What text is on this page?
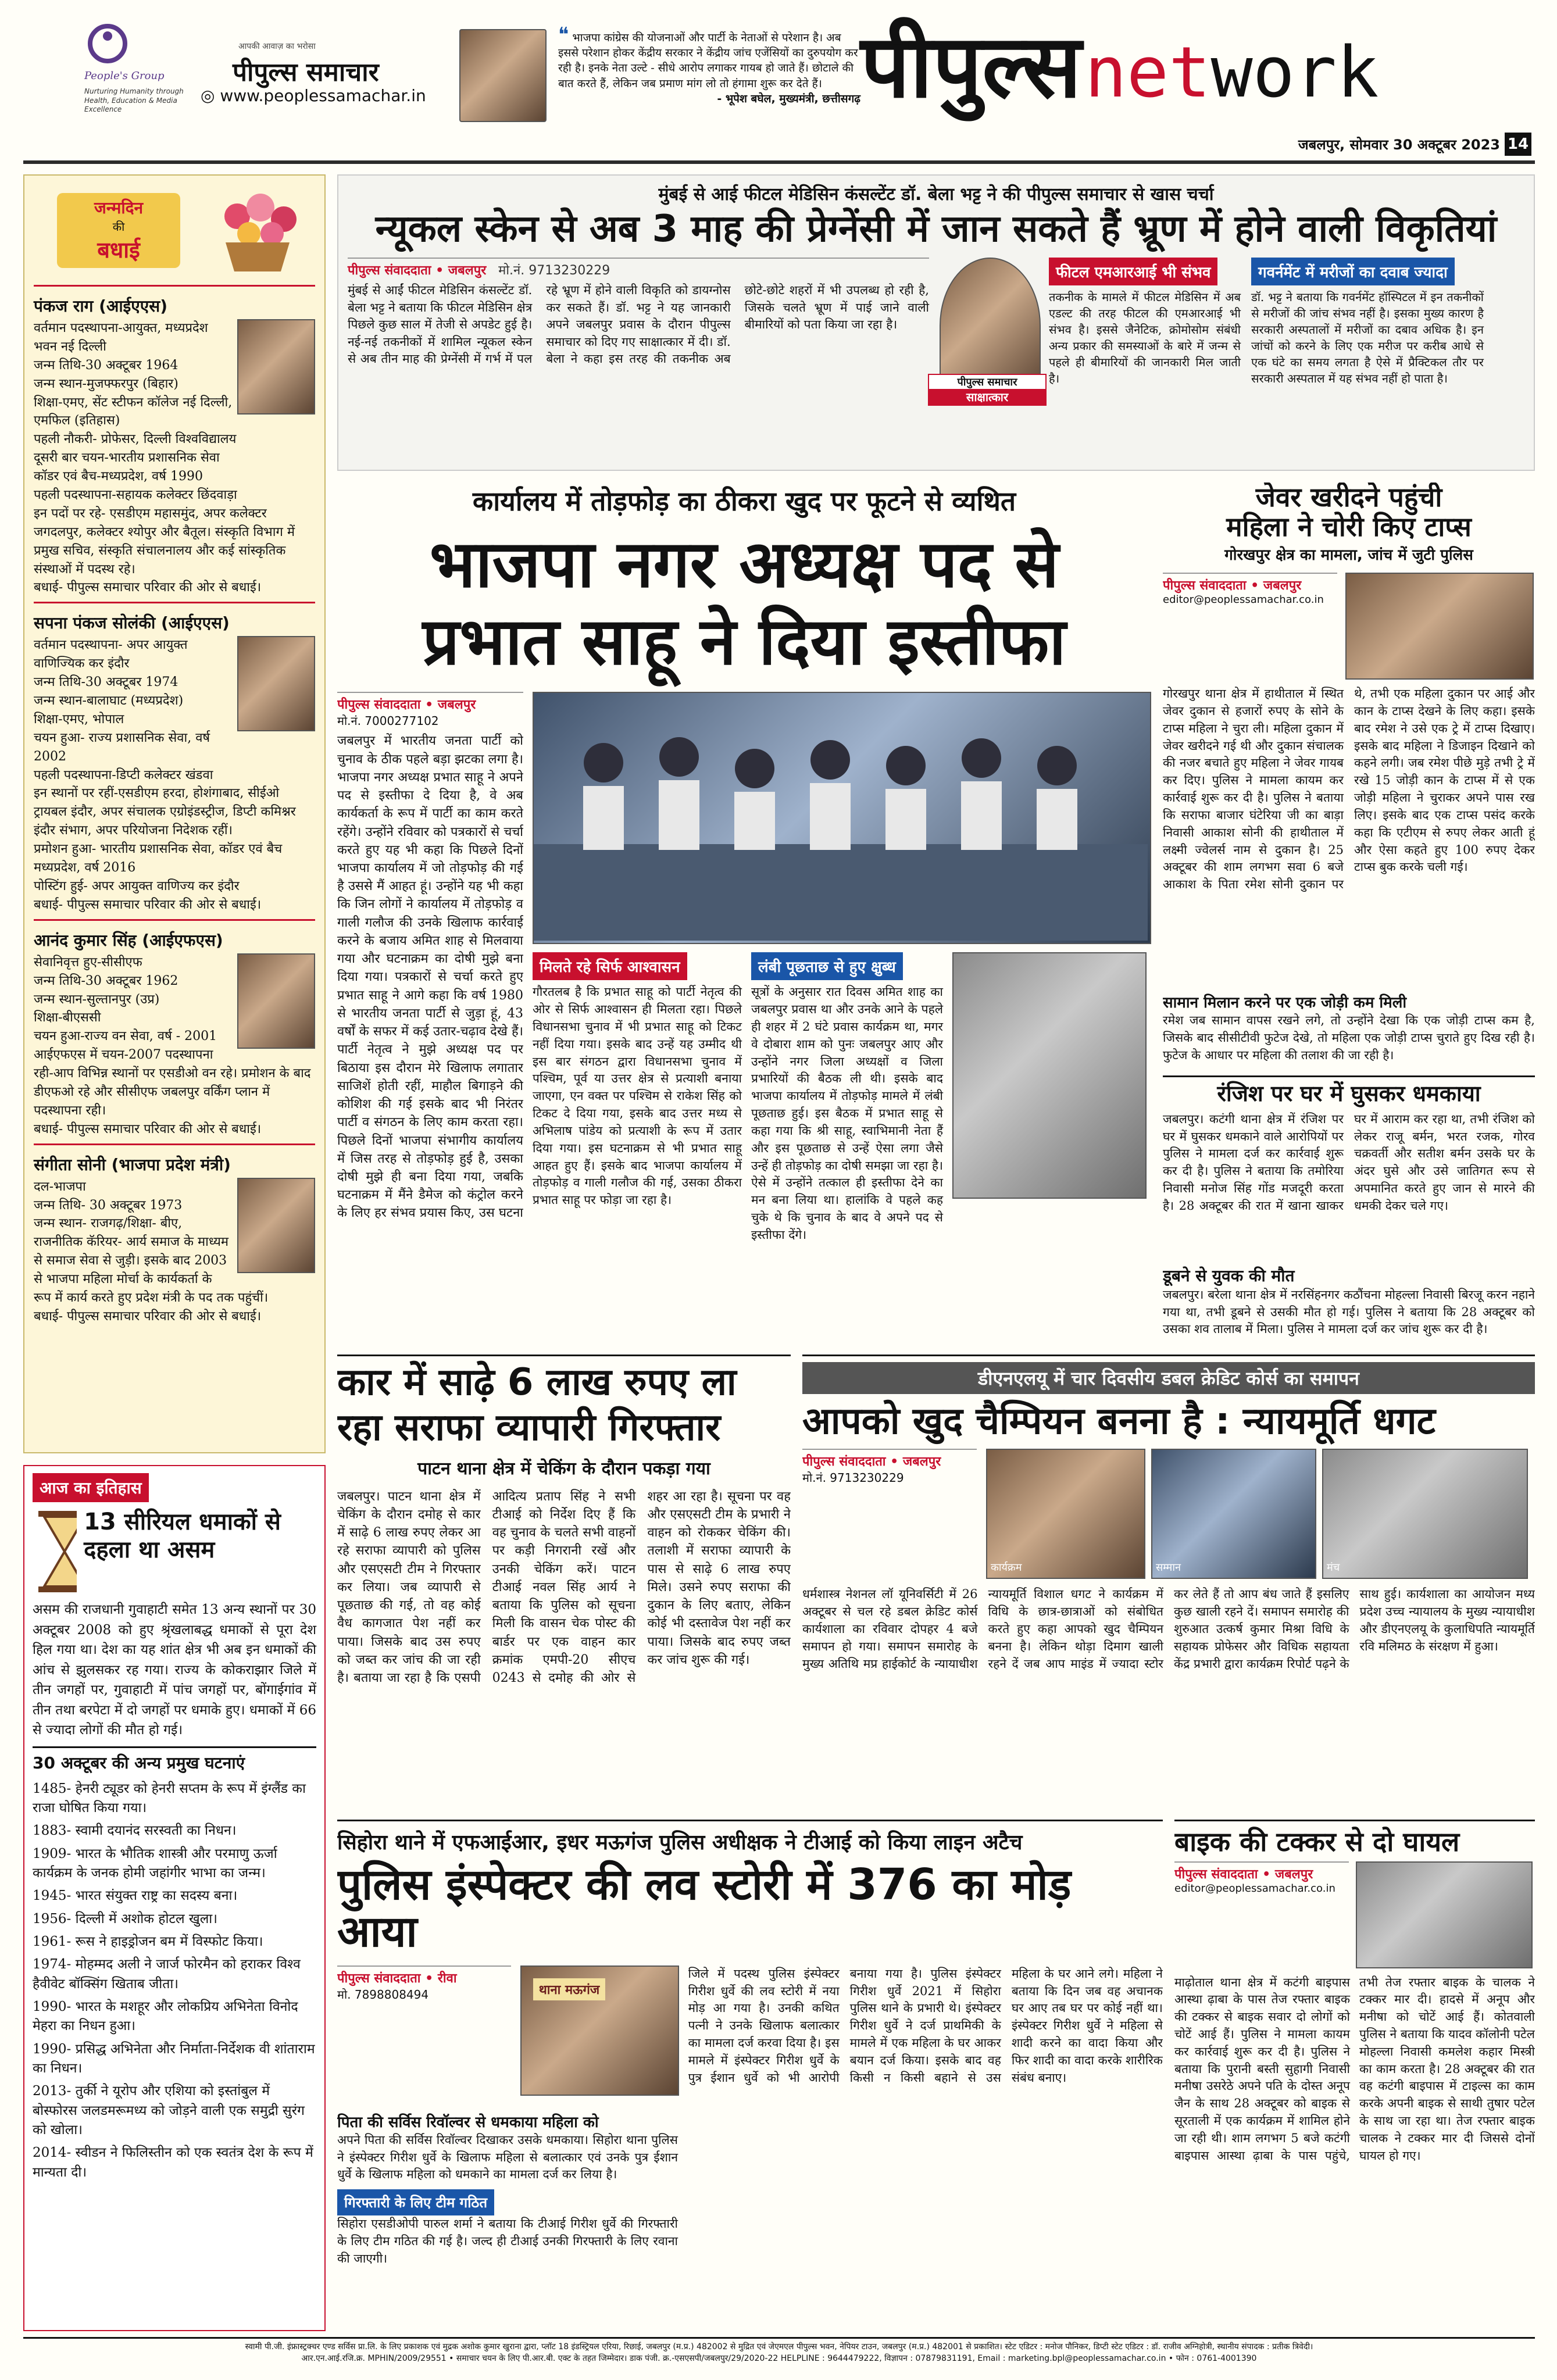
People's Group
Nurturing Humanity through Health, Education & Media Excellence
आपकी आवाज़ का भरोसा
पीपुल्स समाचार
◎ www.peoplessamachar.in
❝ भाजपा कांग्रेस की योजनाओं और पार्टी के नेताओं से परेशान है। अब इससे परेशान होकर केंद्रीय सरकार ने केंद्रीय जांच एजेंसियों का दुरुपयोग कर रही है। इनके नेता उल्टे - सीधे आरोप लगाकर गायब हो जाते हैं। छोटाले की बात करते हैं, लेकिन जब प्रमाण मांग लो तो हंगामा शुरू कर देते हैं।
- भूपेश बघेल, मुख्यमंत्री, छत्तीसगढ़ पीपुल्स network
जबलपुर, सोमवार 30 अक्टूबर 2023 14
जन्मदिन
की
बधाई
पंकज राग (आईएएस)
वर्तमान पदस्थापना-आयुक्त, मध्यप्रदेश भवन नई दिल्ली
जन्म तिथि-30 अक्टूबर 1964
जन्म स्थान-मुजफ्फरपुर (बिहार)
शिक्षा-एमए, सेंट स्टीफन कॉलेज नई दिल्ली, एमफिल (इतिहास)
पहली नौकरी- प्रोफेसर, दिल्ली विश्वविद्यालय
दूसरी बार चयन-भारतीय प्रशासनिक सेवा
कॉडर एवं बैच-मध्यप्रदेश, वर्ष 1990
पहली पदस्थापना-सहायक कलेक्टर छिंदवाड़ा
इन पदों पर रहे- एसडीएम महासमुंद, अपर कलेक्टर जगदलपुर, कलेक्टर श्योपुर और बैतूल। संस्कृति विभाग में प्रमुख सचिव, संस्कृति संचालनालय और कई सांस्कृतिक संस्थाओं में पदस्थ रहे।
बधाई- पीपुल्स समाचार परिवार की ओर से बधाई।
सपना पंकज सोलंकी (आईएएस)
वर्तमान पदस्थापना- अपर आयुक्त वाणिज्यिक कर इंदौर
जन्म तिथि-30 अक्टूबर 1974
जन्म स्थान-बालाघाट (मध्यप्रदेश)
शिक्षा-एमए, भोपाल
चयन हुआ- राज्य प्रशासनिक सेवा, वर्ष 2002
पहली पदस्थापना-डिप्टी कलेक्टर खंडवा
इन स्थानों पर रहीं-एसडीएम हरदा, होशंगाबाद, सीईओ ट्रायबल इंदौर, अपर संचालक एग्रोइंडस्ट्रीज, डिप्टी कमिश्नर इंदौर संभाग, अपर परियोजना निदेशक रहीं।
प्रमोशन हुआ- भारतीय प्रशासनिक सेवा, कॉडर एवं बैच मध्यप्रदेश, वर्ष 2016
पोस्टिंग हुई- अपर आयुक्त वाणिज्य कर इंदौर
बधाई- पीपुल्स समाचार परिवार की ओर से बधाई।
आनंद कुमार सिंह (आईएफएस)
सेवानिवृत्त हुए-सीसीएफ
जन्म तिथि-30 अक्टूबर 1962
जन्म स्थान-सुल्तानपुर (उप्र)
शिक्षा-बीएससी
चयन हुआ-राज्य वन सेवा, वर्ष - 2001
आईएफएस में चयन-2007 पदस्थापना रही-आप विभिन्न स्थानों पर एसडीओ वन रहे। प्रमोशन के बाद डीएफओ रहे और सीसीएफ जबलपुर वर्किंग प्लान में पदस्थापना रही।
बधाई- पीपुल्स समाचार परिवार की ओर से बधाई।
संगीता सोनी (भाजपा प्रदेश मंत्री)
दल-भाजपा
जन्म तिथि- 30 अक्टूबर 1973
जन्म स्थान- राजगढ़/शिक्षा- बीए,
राजनीतिक कॅरियर- आर्य समाज के माध्यम से समाज सेवा से जुड़ी। इसके बाद 2003 से भाजपा महिला मोर्चा के कार्यकर्ता के रूप में कार्य करते हुए प्रदेश मंत्री के पद तक पहुंचीं।
बधाई- पीपुल्स समाचार परिवार की ओर से बधाई।
आज का इतिहास
13 सीरियल धमाकों से दहला था असम
असम की राजधानी गुवाहाटी समेत 13 अन्य स्थानों पर 30 अक्टूबर 2008 को हुए श्रृंखलाबद्ध धमाकों से पूरा देश हिल गया था। देश का यह शांत क्षेत्र भी अब इन धमाकों की आंच से झुलसकर रह गया। राज्य के कोकराझार जिले में तीन जगहों पर, गुवाहाटी में पांच जगहों पर, बोंगाईगांव में तीन तथा बरपेटा में दो जगहों पर धमाके हुए। धमाकों में 66 से ज्यादा लोगों की मौत हो गई।
30 अक्टूबर की अन्य प्रमुख घटनाएं
1485- हेनरी ट्यूडर को हेनरी सप्तम के रूप में इंग्लैंड का राजा घोषित किया गया।
1883- स्वामी दयानंद सरस्वती का निधन।
1909- भारत के भौतिक शास्त्री और परमाणु ऊर्जा कार्यक्रम के जनक होमी जहांगीर भाभा का जन्म।
1945- भारत संयुक्त राष्ट्र का सदस्य बना।
1956- दिल्ली में अशोक होटल खुला।
1961- रूस ने हाइड्रोजन बम में विस्फोट किया।
1974- मोहम्मद अली ने जार्ज फोरमैन को हराकर विश्व हैवीवेट बॉक्सिंग खिताब जीता।
1990- भारत के मशहूर और लोकप्रिय अभिनेता विनोद मेहरा का निधन हुआ।
1990- प्रसिद्ध अभिनेता और निर्माता-निर्देशक वी शांताराम का निधन।
2013- तुर्की ने यूरोप और एशिया को इस्तांबुल में बोस्फोरस जलडमरूमध्य को जोड़ने वाली एक समुद्री सुरंग को खोला।
2014- स्वीडन ने फिलिस्तीन को एक स्वतंत्र देश के रूप में मान्यता दी।
मुंबई से आई फीटल मेडिसिन कंसल्टेंट डॉ. बेला भट्ट ने की पीपुल्स समाचार से खास चर्चा
न्यूकल स्केन से अब 3 माह की प्रेग्नेंसी में जान सकते हैं भ्रूण में होने वाली विकृतियां
पीपुल्स संवाददाता • जबलपुर मो.नं. 9713230229
मुंबई से आईं फीटल मेडिसिन कंसल्टेंट डॉ. बेला भट्ट ने बताया कि फीटल मेडिसिन क्षेत्र पिछले कुछ साल में तेजी से अपडेट हुई है। नई-नई तकनीकों में शामिल न्यूकल स्केन से अब तीन माह की प्रेग्नेंसी में गर्भ में पल रहे भ्रूण में होने वाली विकृति को डायग्नोस कर सकते हैं। डॉ. भट्ट ने यह जानकारी अपने जबलपुर प्रवास के दौरान पीपुल्स समाचार को दिए गए साक्षात्कार में दी। डॉ. बेला ने कहा इस तरह की तकनीक अब छोटे-छोटे शहरों में भी उपलब्ध हो रही है, जिसके चलते भ्रूण में पाई जाने वाली बीमारियों को पता किया जा रहा है।
पीपुल्स समाचार
साक्षात्कार
फीटल एमआरआई भी संभव
तकनीक के मामले में फीटल मेडिसिन में अब एडल्ट की तरह फीटल की एमआरआई भी संभव है। इससे जैनेटिक, क्रोमोसोम संबंधी अन्य प्रकार की समस्याओं के बारे में जन्म से पहले ही बीमारियों की जानकारी मिल जाती है।
गवर्नमेंट में मरीजों का दवाब ज्यादा
डॉ. भट्ट ने बताया कि गवर्नमेंट हॉस्पिटल में इन तकनीकों से मरीजों की जांच संभव नहीं है। इसका मुख्य कारण है सरकारी अस्पतालों में मरीजों का दबाव अधिक है। इन जांचों को करने के लिए एक मरीज पर करीब आधे से एक घंटे का समय लगता है ऐसे में प्रैक्टिकल तौर पर सरकारी अस्पताल में यह संभव नहीं हो पाता है।
कार्यालय में तोड़फोड़ का ठीकरा खुद पर फूटने से व्यथित
भाजपा नगर अध्यक्ष पद से
प्रभात साहू ने दिया इस्तीफा
पीपुल्स संवाददाता • जबलपुर
मो.नं. 7000277102
जबलपुर में भारतीय जनता पार्टी को चुनाव के ठीक पहले बड़ा झटका लगा है। भाजपा नगर अध्यक्ष प्रभात साहू ने अपने पद से इस्तीफा दे दिया है, वे अब कार्यकर्ता के रूप में पार्टी का काम करते रहेंगे। उन्होंने रविवार को पत्रकारों से चर्चा करते हुए यह भी कहा कि पिछले दिनों भाजपा कार्यालय में जो तोड़फोड़ की गई है उससे मैं आहत हूं। उन्होंने यह भी कहा कि जिन लोगों ने कार्यालय में तोड़फोड़ व गाली गलौज की उनके खिलाफ कार्रवाई करने के बजाय अमित शाह से मिलवाया गया और घटनाक्रम का दोषी मुझे बना दिया गया। पत्रकारों से चर्चा करते हुए प्रभात साहू ने आगे कहा कि वर्ष 1980 से भारतीय जनता पार्टी से जुड़ा हूं, 43 वर्षों के सफर में कई उतार-चढ़ाव देखे हैं। पार्टी नेतृत्व ने मुझे अध्यक्ष पद पर बिठाया इस दौरान मेरे खिलाफ लगातार साजिशें होती रहीं, माहौल बिगाड़ने की कोशिश की गई इसके बाद भी निरंतर पार्टी व संगठन के लिए काम करता रहा। पिछले दिनों भाजपा संभागीय कार्यालय में जिस तरह से तोड़फोड़ हुई है, उसका दोषी मुझे ही बना दिया गया, जबकि घटनाक्रम में मैंने डैमेज को कंट्रोल करने के लिए हर संभव प्रयास किए, उस घटना
मिलते रहे सिर्फ आश्वासन
गौरतलब है कि प्रभात साहू को पार्टी नेतृत्व की ओर से सिर्फ आश्वासन ही मिलता रहा। पिछले विधानसभा चुनाव में भी प्रभात साहू को टिकट नहीं दिया गया। इसके बाद उन्हें यह उम्मीद थी इस बार संगठन द्वारा विधानसभा चुनाव में पश्चिम, पूर्व या उत्तर क्षेत्र से प्रत्याशी बनाया जाएगा, एन वक्त पर पश्चिम से राकेश सिंह को टिकट दे दिया गया, इसके बाद उत्तर मध्य से अभिलाष पांडेय को प्रत्याशी के रूप में उतार दिया गया। इस घटनाक्रम से भी प्रभात साहू आहत हुए हैं। इसके बाद भाजपा कार्यालय में तोड़फोड़ व गाली गलौज की गई, उसका ठीकरा प्रभात साहू पर फोड़ा जा रहा है।
लंबी पूछताछ से हुए क्षुब्ध
सूत्रों के अनुसार रात दिवस अमित शाह का जबलपुर प्रवास था और उनके आने के पहले ही शहर में 2 घंटे प्रवास कार्यक्रम था, मगर वे दोबारा शाम को पुनः जबलपुर आए और उन्होंने नगर जिला अध्यक्षों व जिला प्रभारियों की बैठक ली थी। इसके बाद भाजपा कार्यालय में तोड़फोड़ मामले में लंबी पूछताछ हुई। इस बैठक में प्रभात साहू से कहा गया कि श्री साहू, स्वाभिमानी नेता हैं और इस पूछताछ से उन्हें ऐसा लगा जैसे उन्हें ही तोड़फोड़ का दोषी समझा जा रहा है। ऐसे में उन्होंने तत्काल ही इस्तीफा देने का मन बना लिया था। हालांकि वे पहले कह चुके थे कि चुनाव के बाद वे अपने पद से इस्तीफा देंगे।
जेवर खरीदने पहुंची
महिला ने चोरी किए टाप्स
गोरखपुर क्षेत्र का मामला, जांच में जुटी पुलिस
पीपुल्स संवाददाता • जबलपुर
editor@peoplessamachar.co.in
गोरखपुर थाना क्षेत्र में हाथीताल में स्थित जेवर दुकान से हजारों रुपए के सोने के टाप्स महिला ने चुरा ली। महिला दुकान में जेवर खरीदने गई थी और दुकान संचालक की नजर बचाते हुए महिला ने जेवर गायब कर दिए। पुलिस ने मामला कायम कर कार्रवाई शुरू कर दी है। पुलिस ने बताया कि सराफा बाजार घंटेरिया जी का बाड़ा निवासी आकाश सोनी की हाथीताल में लक्ष्मी ज्वेलर्स नाम से दुकान है। 25 अक्टूबर की शाम लगभग सवा 6 बजे आकाश के पिता रमेश सोनी दुकान पर थे, तभी एक महिला दुकान पर आई और कान के टाप्स देखने के लिए कहा। इसके बाद रमेश ने उसे एक ट्रे में टाप्स दिखाए। इसके बाद महिला ने डिजाइन दिखाने को कहने लगी। जब रमेश पीछे मुड़े तभी ट्रे में रखे 15 जोड़ी कान के टाप्स में से एक जोड़ी महिला ने चुराकर अपने पास रख लिए। इसके बाद एक टाप्स पसंद करके कहा कि एटीएम से रुपए लेकर आती हूं और ऐसा कहते हुए 100 रुपए देकर टाप्स बुक करके चली गई।
सामान मिलान करने पर एक जोड़ी कम मिली
रमेश जब सामान वापस रखने लगे, तो उन्होंने देखा कि एक जोड़ी टाप्स कम है, जिसके बाद सीसीटीवी फुटेज देखे, तो महिला एक जोड़ी टाप्स चुराते हुए दिख रही है। फुटेज के आधार पर महिला की तलाश की जा रही है।
रंजिश पर घर में घुसकर धमकाया
जबलपुर। कटंगी थाना क्षेत्र में रंजिश पर घर में घुसकर धमकाने वाले आरोपियों पर पुलिस ने मामला दर्ज कर कार्रवाई शुरू कर दी है। पुलिस ने बताया कि तमोरिया निवासी मनोज सिंह गोंड मजदूरी करता है। 28 अक्टूबर की रात में खाना खाकर घर में आराम कर रहा था, तभी रंजिश को लेकर राजू बर्मन, भरत रजक, गोरव चक्रवर्ती और सतीश बर्मन उसके घर के अंदर घुसे और उसे जातिगत रूप से अपमानित करते हुए जान से मारने की धमकी देकर चले गए।
डूबने से युवक की मौत
जबलपुर। बरेला थाना क्षेत्र में नरसिंहनगर कठौंचना मोहल्ला निवासी बिरजू करन नहाने गया था, तभी डूबने से उसकी मौत हो गई। पुलिस ने बताया कि 28 अक्टूबर को उसका शव तालाब में मिला। पुलिस ने मामला दर्ज कर जांच शुरू कर दी है।
कार में साढ़े 6 लाख रुपए ला
रहा सराफा व्यापारी गिरफ्तार
पाटन थाना क्षेत्र में चेकिंग के दौरान पकड़ा गया
जबलपुर। पाटन थाना क्षेत्र में चेकिंग के दौरान दमोह से कार में साढ़े 6 लाख रुपए लेकर आ रहे सराफा व्यापारी को पुलिस और एसएसटी टीम ने गिरफ्तार कर लिया। जब व्यापारी से पूछताछ की गई, तो वह कोई वैध कागजात पेश नहीं कर पाया। जिसके बाद उस रुपए को जब्त कर जांच की जा रही है। बताया जा रहा है कि एसपी आदित्य प्रताप सिंह ने सभी टीआई को निर्देश दिए हैं कि वह चुनाव के चलते सभी वाहनों पर कड़ी निगरानी रखें और उनकी चेकिंग करें। पाटन टीआई नवल सिंह आर्य ने बताया कि पुलिस को सूचना मिली कि वासन चेक पोस्ट की बार्डर पर एक वाहन कार क्रमांक एमपी-20 सीएच 0243 से दमोह की ओर से शहर आ रहा है। सूचना पर वह और एसएसटी टीम के प्रभारी ने वाहन को रोककर चेकिंग की। तलाशी में सराफा व्यापारी के पास से साढ़े 6 लाख रुपए मिले। उसने रुपए सराफा की दुकान के लिए बताए, लेकिन कोई भी दस्तावेज पेश नहीं कर पाया। जिसके बाद रुपए जब्त कर जांच शुरू की गई।
डीएनएलयू में चार दिवसीय डबल क्रेडिट कोर्स का समापन
आपको खुद चैम्पियन बनना है : न्यायमूर्ति धगट
पीपुल्स संवाददाता • जबलपुर
मो.नं. 9713230229
कार्यक्रम	सम्मान	मंच
धर्मशास्त्र नेशनल लॉ यूनिवर्सिटी में 26 अक्टूबर से चल रहे डबल क्रेडिट कोर्स कार्यशाला का रविवार दोपहर 4 बजे समापन हो गया। समापन समारोह के मुख्य अतिथि मप्र हाईकोर्ट के न्यायाधीश न्यायमूर्ति विशाल धगट ने कार्यक्रम में विधि के छात्र-छात्राओं को संबोधित करते हुए कहा आपको खुद चैम्पियन बनना है। लेकिन थोड़ा दिमाग खाली रहने दें जब आप माइंड में ज्यादा स्टोर कर लेते हैं तो आप बंध जाते हैं इसलिए कुछ खाली रहने दें। समापन समारोह की शुरुआत उत्कर्ष कुमार मिश्रा विधि के सहायक प्रोफेसर और विधिक सहायता केंद्र प्रभारी द्वारा कार्यक्रम रिपोर्ट पढ़ने के साथ हुई। कार्यशाला का आयोजन मध्य प्रदेश उच्च न्यायालय के मुख्य न्यायाधीश और डीएनएलयू के कुलाधिपति न्यायमूर्ति रवि मलिमठ के संरक्षण में हुआ।
सिहोरा थाने में एफआईआर, इधर मऊगंज पुलिस अधीक्षक ने टीआई को किया लाइन अटैच
पुलिस इंस्पेक्टर की लव स्टोरी में 376 का मोड़ आया
पीपुल्स संवाददाता • रीवा
मो. 7898808494	थाना मऊगंज
जिले में पदस्थ पुलिस इंस्पेक्टर गिरीश धुर्वे की लव स्टोरी में नया मोड़ आ गया है। उनकी कथित पत्नी ने उनके खिलाफ बलात्कार का मामला दर्ज करवा दिया है। इस मामले में इंस्पेक्टर गिरीश धुर्वे के पुत्र ईशान धुर्वे को भी आरोपी बनाया गया है। पुलिस इंस्पेक्टर गिरीश धुर्वे 2021 में सिहोरा पुलिस थाने के प्रभारी थे। इंस्पेक्टर गिरीश धुर्वे ने दर्ज प्राथमिकी के मामले में एक महिला के घर आकर बयान दर्ज किया। इसके बाद वह किसी न किसी बहाने से उस महिला के घर आने लगे। महिला ने बताया कि दिन जब वह अचानक घर आए तब घर पर कोई नहीं था। इंस्पेक्टर गिरीश धुर्वे ने महिला से शादी करने का वादा किया और फिर शादी का वादा करके शारीरिक संबंध बनाए।
पिता की सर्विस रिवॉल्वर से धमकाया महिला को
अपने पिता की सर्विस रिवॉल्वर दिखाकर उसके धमकाया। सिहोरा थाना पुलिस ने इंस्पेक्टर गिरीश धुर्वे के खिलाफ महिला से बलात्कार एवं उनके पुत्र ईशान धुर्वे के खिलाफ महिला को धमकाने का मामला दर्ज कर लिया है।
गिरफ्तारी के लिए टीम गठित
सिहोरा एसडीओपी पारुल शर्मा ने बताया कि टीआई गिरीश धुर्वे की गिरफ्तारी के लिए टीम गठित की गई है। जल्द ही टीआई उनकी गिरफ्तारी के लिए रवाना की जाएगी।
बाइक की टक्कर से दो घायल
पीपुल्स संवाददाता • जबलपुर
editor@peoplessamachar.co.in
माढ़ोताल थाना क्षेत्र में कटंगी बाइपास आस्था ढ़ाबा के पास तेज रफ्तार बाइक की टक्कर से बाइक सवार दो लोगों को चोटें आई हैं। पुलिस ने मामला कायम कर कार्रवाई शुरू कर दी है। पुलिस ने बताया कि पुरानी बस्ती सुहागी निवासी मनीषा उसरेठे अपने पति के दोस्त अनूप जैन के साथ 28 अक्टूबर को बाइक से सूरताली में एक कार्यक्रम में शामिल होने जा रही थी। शाम लगभग 5 बजे कटंगी बाइपास आस्था ढ़ाबा के पास पहुंचे, तभी तेज रफ्तार बाइक के चालक ने टक्कर मार दी। हादसे में अनूप और मनीषा को चोटें आई हैं। कोतवाली पुलिस ने बताया कि यादव कॉलोनी पटेल मोहल्ला निवासी कमलेश कहार मिस्त्री का काम करता है। 28 अक्टूबर की रात वह कटंगी बाइपास में टाइल्स का काम करके अपनी बाइक से साथी तुषार पटेल के साथ जा रहा था। तेज रफ्तार बाइक चालक ने टक्कर मार दी जिससे दोनों घायल हो गए।
स्वामी पी.जी. इंफ्रास्ट्रक्चर एण्ड सर्विस प्रा.लि. के लिए प्रकाशक एवं मुद्रक अशोक कुमार खुराना द्वारा, प्लॉट 18 इंडस्ट्रियल एरिया, रिछाई, जबलपुर (म.प्र.) 482002 से मुद्रित एवं जेएमएल पीपुल्स भवन, नेपियर टाउन, जबलपुर (म.प्र.) 482001 से प्रकाशित। स्टेट एडिटर : मनोज पौनिकर, डिप्टी स्टेट एडिटर : डॉ. राजीव अग्निहोत्री, स्थानीय संपादक : प्रतीक त्रिवेदी।
आर.एन.आई.रजि.क्र. MPHIN/2009/29551 • समाचार चयन के लिए पी.आर.बी. एक्ट के तहत जिम्मेदार। डाक पंजी. क्र.-एसएसपी/जबलपुर/29/2020-22 HELPLINE : 9644479222, विज्ञापन : 07879831191, Email : marketing.bpl@peoplessamachar.co.in • फोन : 0761-4001390
